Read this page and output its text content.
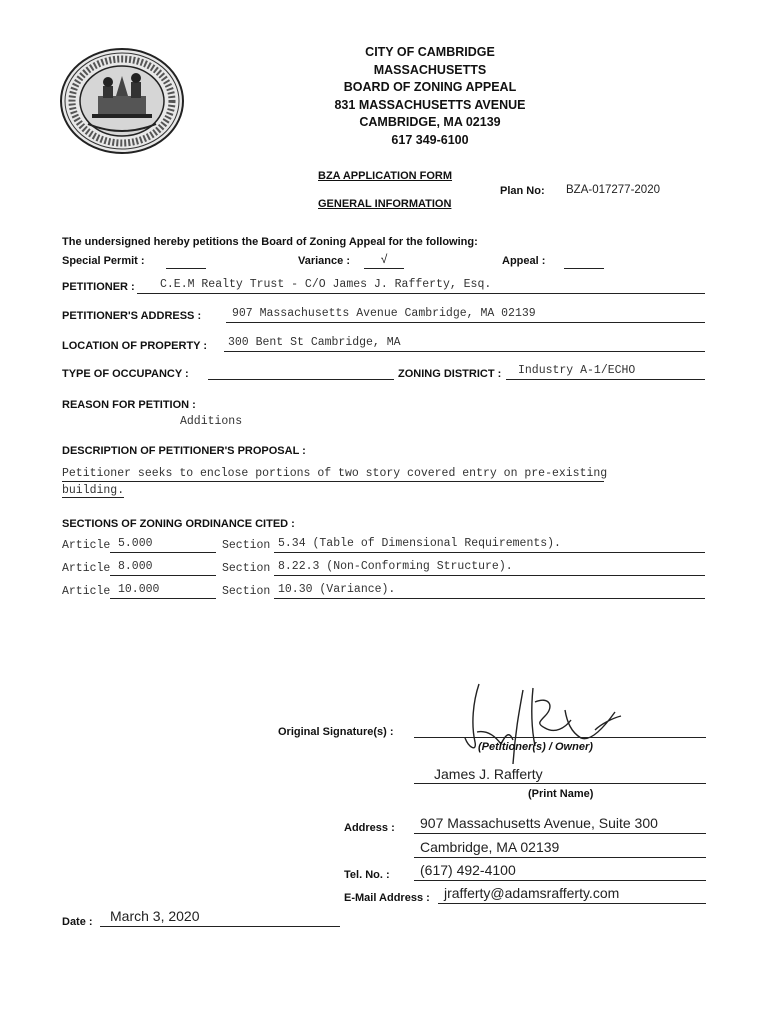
CITY OF CAMBRIDGE
MASSACHUSETTS
BOARD OF ZONING APPEAL
831 MASSACHUSETTS AVENUE
CAMBRIDGE, MA 02139
617 349-6100
BZA APPLICATION FORM
GENERAL INFORMATION
Plan No: BZA-017277-2020
The undersigned hereby petitions the Board of Zoning Appeal for the following:
Special Permit :	Variance :	√	Appeal :
PETITIONER : C.E.M Realty Trust - C/O James J. Rafferty, Esq.
PETITIONER'S ADDRESS :	907 Massachusetts Avenue Cambridge, MA 02139
LOCATION OF PROPERTY : 300 Bent St Cambridge, MA
TYPE OF OCCUPANCY :	ZONING DISTRICT : Industry A-1/ECHO
REASON FOR PETITION :
Additions
DESCRIPTION OF PETITIONER'S PROPOSAL :
Petitioner seeks to enclose portions of two story covered entry on pre-existing
building.
SECTIONS OF ZONING ORDINANCE CITED :
Article 5.000	Section 5.34 (Table of Dimensional Requirements).
Article 8.000	Section 8.22.3 (Non-Conforming Structure).
Article 10.000	Section 10.30 (Variance).
Original Signature(s) :
(Petitioner(s) / Owner)
James J. Rafferty
(Print Name)
Address : 907 Massachusetts Avenue, Suite 300
Cambridge, MA 02139
Tel. No. : (617) 492-4100
E-Mail Address : jrafferty@adamsrafferty.com
Date : March 3, 2020
